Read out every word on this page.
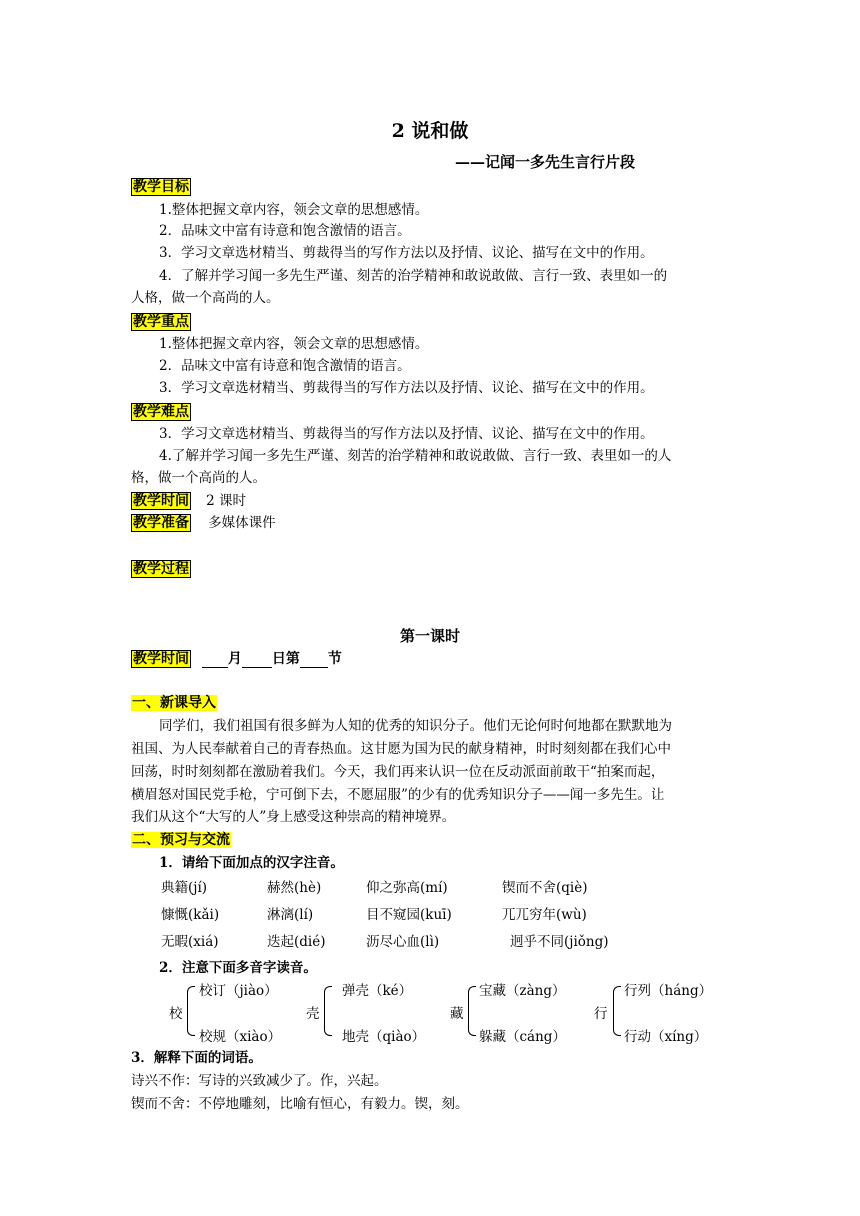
2 说和做
——记闻一多先生言行片段
教学目标
1.整体把握文章内容，领会文章的思想感情。
2．品味文中富有诗意和饱含激情的语言。
3．学习文章选材精当、剪裁得当的写作方法以及抒情、议论、描写在文中的作用。
4．了解并学习闻一多先生严谨、刻苦的治学精神和敢说敢做、言行一致、表里如一的
人格，做一个高尚的人。
教学重点
1.整体把握文章内容，领会文章的思想感情。
2．品味文中富有诗意和饱含激情的语言。
3．学习文章选材精当、剪裁得当的写作方法以及抒情、议论、描写在文中的作用。
教学难点
3．学习文章选材精当、剪裁得当的写作方法以及抒情、议论、描写在文中的作用。
4.了解并学习闻一多先生严谨、刻苦的治学精神和敢说敢做、言行一致、表里如一的人
格，做一个高尚的人。
教学时间 2 课时
教学准备 多媒体课件
教学过程
第一课时
教学时间	月 日第 节
一、新课导入
同学们，我们祖国有很多鲜为人知的优秀的知识分子。他们无论何时何地都在默默地为
祖国、为人民奉献着自己的青春热血。这甘愿为国为民的献身精神，时时刻刻都在我们心中
回荡，时时刻刻都在激励着我们。今天，我们再来认识一位在反动派面前敢干“拍案而起，
横眉怒对国民党手枪，宁可倒下去，不愿屈服”的少有的优秀知识分子——闻一多先生。让
我们从这个“大写的人”身上感受这种崇高的精神境界。
二、预习与交流
1．请给下面加点的汉字注音。
典籍(jí)	赫然(hè)	仰之弥高(mí)	锲而不舍(qiè)
慷慨(kǎi)	淋漓(lí)	目不窥园(kuī)	兀兀穷年(wù)
无暇(xiá)	迭起(dié)	沥尽心血(lì)	迥乎不同(jiǒng)
2．注意下面多音字读音。
校
校订（jiào）
校规（xiào）
壳
弹壳（ké）
地壳（qiào）
藏
宝藏（zàng）
躲藏（cáng）
行
行列（háng）
行动（xíng）
3．解释下面的词语。
诗兴不作：写诗的兴致减少了。作，兴起。
锲而不舍：不停地雕刻，比喻有恒心，有毅力。锲，刻。
